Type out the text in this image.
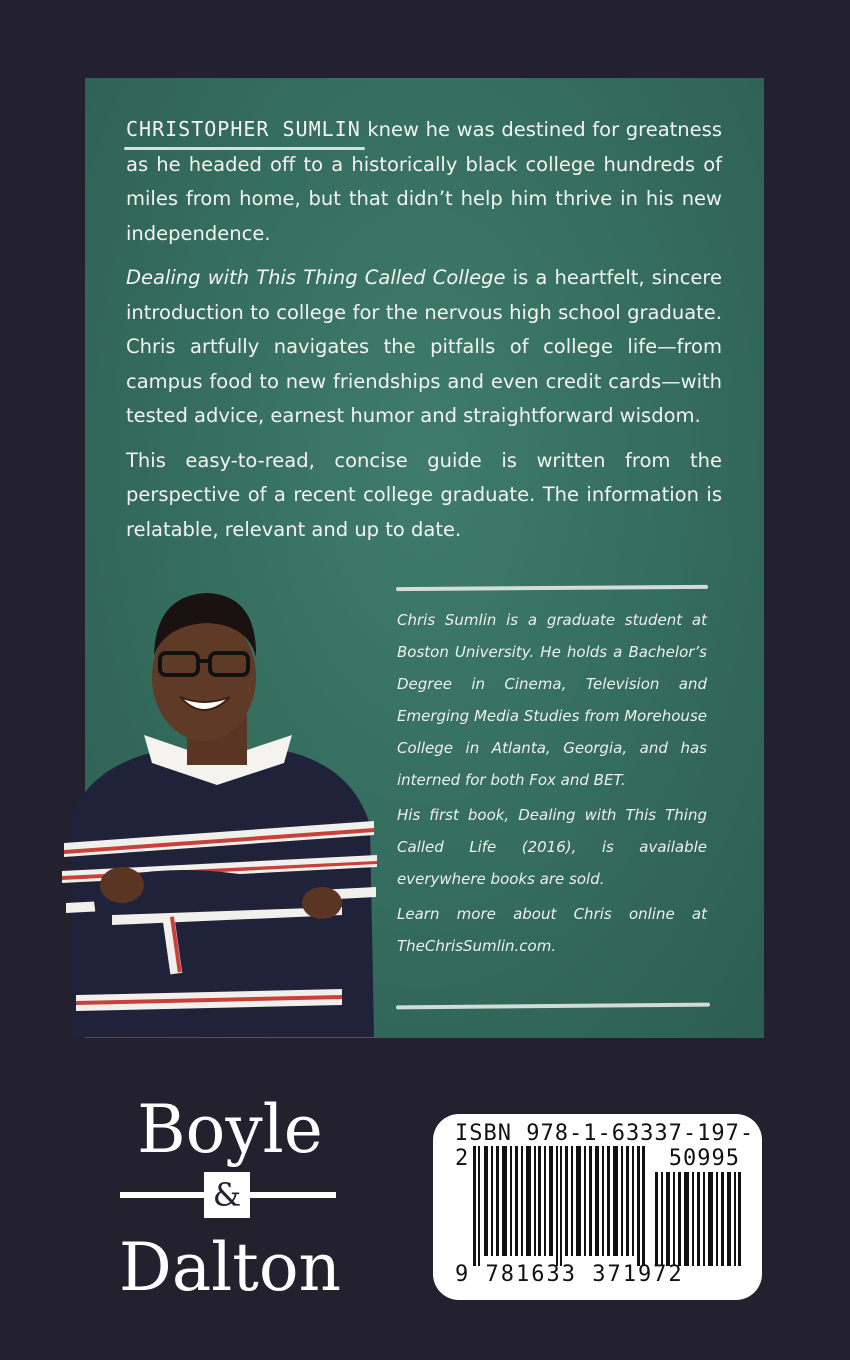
CHRISTOPHER SUMLIN knew he was destined for greatness as he headed off to a historically black college hundreds of miles from home, but that didn’t help him thrive in his new independence.

Dealing with This Thing Called College is a heartfelt, sincere introduction to college for the nervous high school graduate. Chris artfully navigates the pitfalls of college life—from campus food to new friendships and even credit cards—with tested advice, earnest humor and straightforward wisdom.

This easy-to-read, concise guide is written from the perspective of a recent college graduate. The information is relatable, relevant and up to date.

Chris Sumlin is a graduate student at Boston University. He holds a Bachelor’s Degree in Cinema, Television and Emerging Media Studies from Morehouse College in Atlanta, Georgia, and has interned for both Fox and BET.

His first book, Dealing with This Thing Called Life (2016), is available everywhere books are sold.

Learn more about Chris online at TheChrisSumlin.com.

Boyle
&
Dalton
ISBN 978-1-63337-197-2	50995
9 781633 371972
